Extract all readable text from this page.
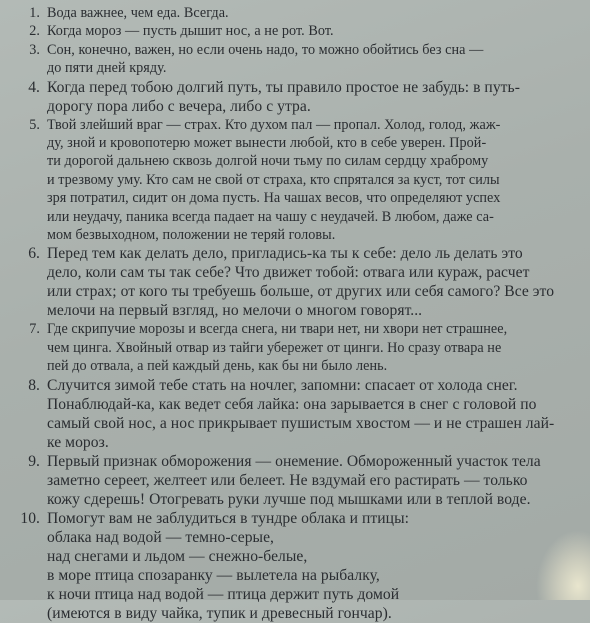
1. Вода важнее, чем еда. Всегда.
2. Когда мороз — пусть дышит нос, а не рот. Вот.
3. Сон, конечно, важен, но если очень надо, то можно обойтись без сна —
до пяти дней кряду.
4. Когда перед тобою долгий путь, ты правило простое не забудь: в путь-
дорогу пора либо с вечера, либо с утра.
5. Твой злейший враг — страх. Кто духом пал — пропал. Холод, голод, жаж-
ду, зной и кровопотерю может вынести любой, кто в себе уверен. Прой-
ти дорогой дальнею сквозь долгой ночи тьму по силам сердцу храброму
и трезвому уму. Кто сам не свой от страха, кто спрятался за куст, тот силы
зря потратил, сидит он дома пусть. На чашах весов, что определяют успех
или неудачу, паника всегда падает на чашу с неудачей. В любом, даже са-
мом безвыходном, положении не теряй головы.
6. Перед тем как делать дело, пригладись-ка ты к себе: дело ль делать это
дело, коли сам ты так себе? Что движет тобой: отвага или кураж, расчет
или страх; от кого ты требуешь больше, от других или себя самого? Все это
мелочи на первый взгляд, но мелочи о многом говорят...
7. Где скрипучие морозы и всегда снега, ни твари нет, ни хвори нет страшнее,
чем цинга. Хвойный отвар из тайги убережет от цинги. Но сразу отвара не
пей до отвала, а пей каждый день, как бы ни было лень.
8. Случится зимой тебе стать на ночлег, запомни: спасает от холода снег.
Понаблюдай-ка, как ведет себя лайка: она зарывается в снег с головой по
самый свой нос, а нос прикрывает пушистым хвостом — и не страшен лай-
ке мороз.
9. Первый признак обморожения — онемение. Обмороженный участок тела
заметно сереет, желтеет или белеет. Не вздумай его растирать — только
кожу сдерешь! Отогревать руки лучше под мышками или в теплой воде.
10. Помогут вам не заблудиться в тундре облака и птицы:
облака над водой — темно-серые,
над снегами и льдом — снежно-белые,
в море птица спозаранку — вылетела на рыбалку,
к ночи птица над водой — птица держит путь домой
(имеются в виду чайка, тупик и древесный гончар).
